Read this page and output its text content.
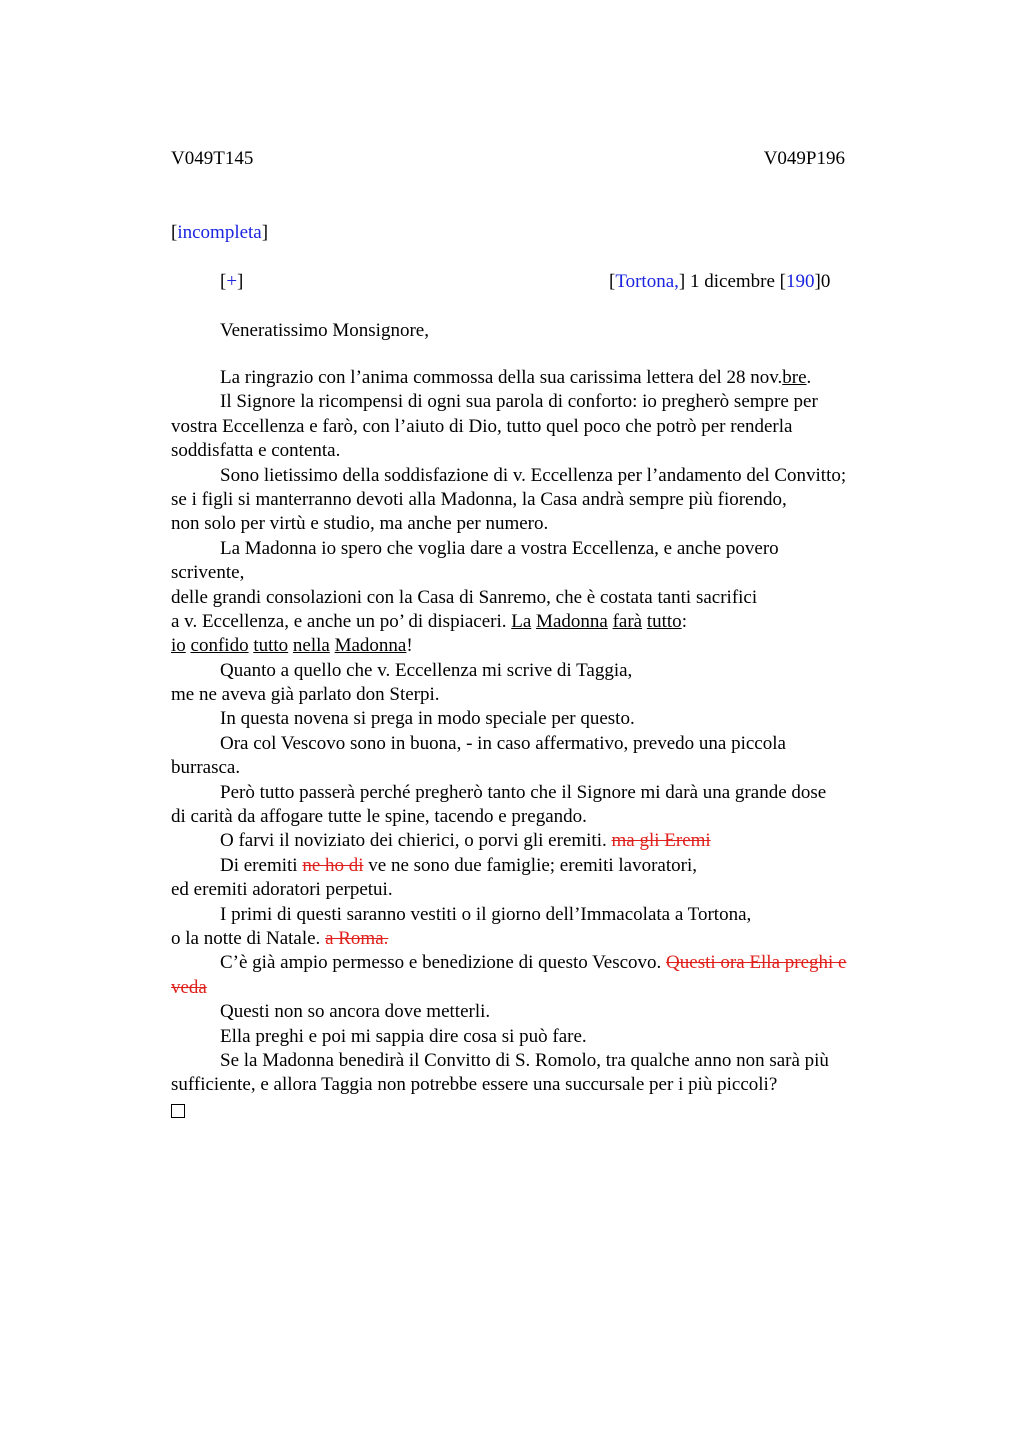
V049T145	V049P196
[incompleta]
[+]	[Tortona,] 1 dicembre [190]0
Veneratissimo Monsignore,
La ringrazio con l’anima commossa della sua carissima lettera del 28 nov.bre.
Il Signore la ricompensi di ogni sua parola di conforto: io pregherò sempre per
vostra Eccellenza e farò, con l’aiuto di Dio, tutto quel poco che potrò per renderla
soddisfatta e contenta.
Sono lietissimo della soddisfazione di v. Eccellenza per l’andamento del Convitto;
se i figli si manterranno devoti alla Madonna, la Casa andrà sempre più fiorendo,
non solo per virtù e studio, ma anche per numero.
La Madonna io spero che voglia dare a vostra Eccellenza, e anche povero
scrivente,
delle grandi consolazioni con la Casa di Sanremo, che è costata tanti sacrifici
a v. Eccellenza, e anche un po’ di dispiaceri. La Madonna farà tutto:
io confido tutto nella Madonna!
Quanto a quello che v. Eccellenza mi scrive di Taggia,
me ne aveva già parlato don Sterpi.
In questa novena si prega in modo speciale per questo.
Ora col Vescovo sono in buona, - in caso affermativo, prevedo una piccola
burrasca.
Però tutto passerà perché pregherò tanto che il Signore mi darà una grande dose
di carità da affogare tutte le spine, tacendo e pregando.
O farvi il noviziato dei chierici, o porvi gli eremiti. ma gli Eremi
Di eremiti ne ho di ve ne sono due famiglie; eremiti lavoratori,
ed eremiti adoratori perpetui.
I primi di questi saranno vestiti o il giorno dell’Immacolata a Tortona,
o la notte di Natale. a Roma.
C’è già ampio permesso e benedizione di questo Vescovo. Questi ora Ella preghi e
veda
Questi non so ancora dove metterli.
Ella preghi e poi mi sappia dire cosa si può fare.
Se la Madonna benedirà il Convitto di S. Romolo, tra qualche anno non sarà più
sufficiente, e allora Taggia non potrebbe essere una succursale per i più piccoli?
